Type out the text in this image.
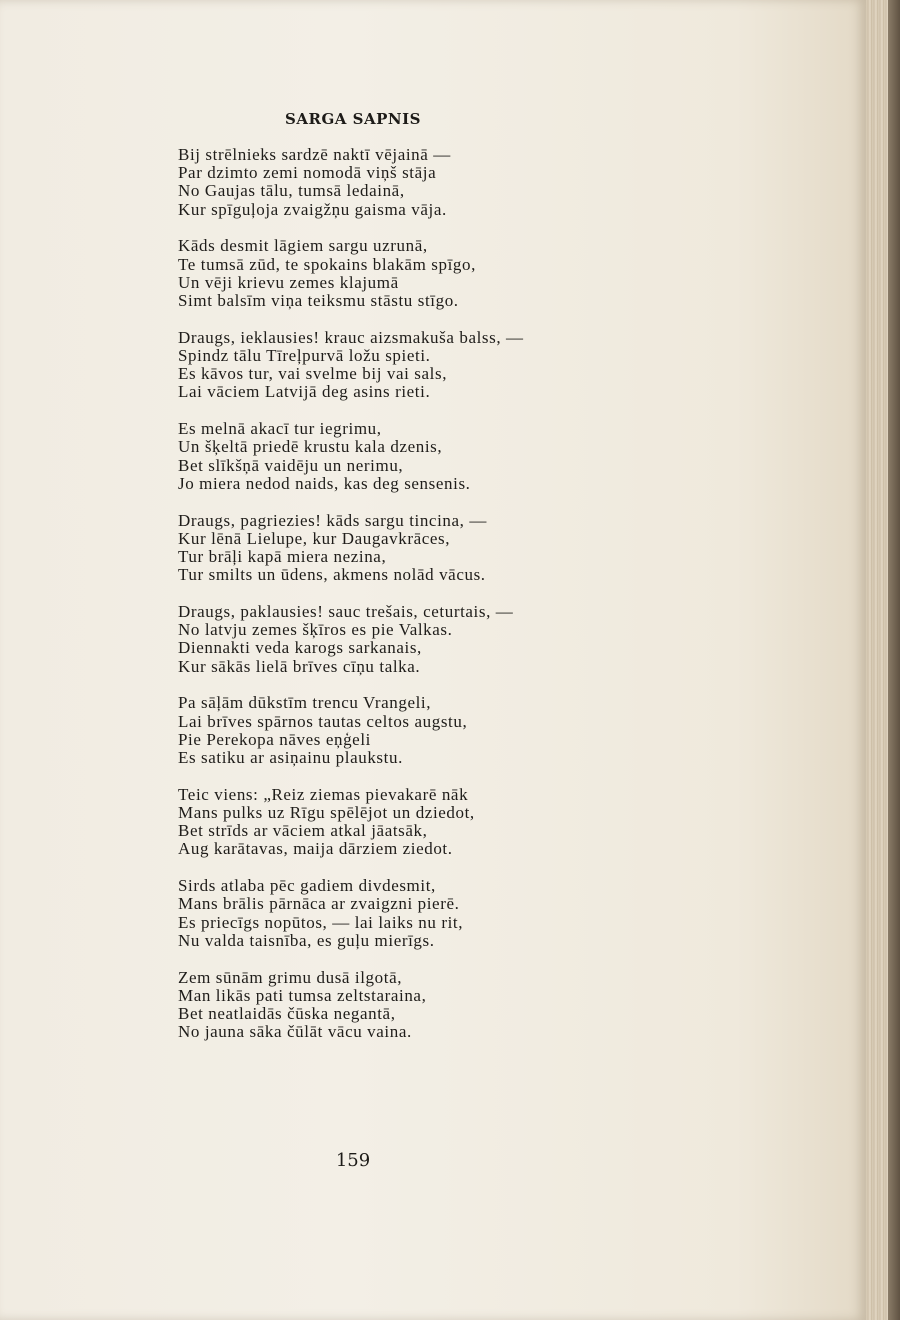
SARGA SAPNIS
Bij strēlnieks sardzē naktī vējainā —
Par dzimto zemi nomodā viņš stāja
No Gaujas tālu, tumsā ledainā,
Kur spīguļoja zvaigžņu gaisma vāja.
Kāds desmit lāgiem sargu uzrunā,
Te tumsā zūd, te spokains blakām spīgo,
Un vēji krievu zemes klajumā
Simt balsīm viņa teiksmu stāstu stīgo.
Draugs, ieklausies! krauc aizsmakuša balss, —
Spindz tālu Tīreļpurvā ložu spieti.
Es kāvos tur, vai svelme bij vai sals,
Lai vāciem Latvijā deg asins rieti.
Es melnā akacī tur iegrimu,
Un šķeltā priedē krustu kala dzenis,
Bet slīkšņā vaidēju un nerimu,
Jo miera nedod naids, kas deg sensenis.
Draugs, pagriezies! kāds sargu tincina, —
Kur lēnā Lielupe, kur Daugavkrāces,
Tur brāļi kapā miera nezina,
Tur smilts un ūdens, akmens nolād vācus.
Draugs, paklausies! sauc trešais, ceturtais, —
No latvju zemes šķīros es pie Valkas.
Diennakti veda karogs sarkanais,
Kur sākās lielā brīves cīņu talka.
Pa sāļām dūkstīm trencu Vrangeli,
Lai brīves spārnos tautas celtos augstu,
Pie Perekopa nāves eņģeli
Es satiku ar asiņainu plaukstu.
Teic viens: „Reiz ziemas pievakarē nāk
Mans pulks uz Rīgu spēlējot un dziedot,
Bet strīds ar vāciem atkal jāatsāk,
Aug karātavas, maija dārziem ziedot.
Sirds atlaba pēc gadiem divdesmit,
Mans brālis pārnāca ar zvaigzni pierē.
Es priecīgs nopūtos, — lai laiks nu rit,
Nu valda taisnība, es guļu mierīgs.
Zem sūnām grimu dusā ilgotā,
Man likās pati tumsa zeltstaraina,
Bet neatlaidās čūska negantā,
No jauna sāka čūlāt vācu vaina.
159
